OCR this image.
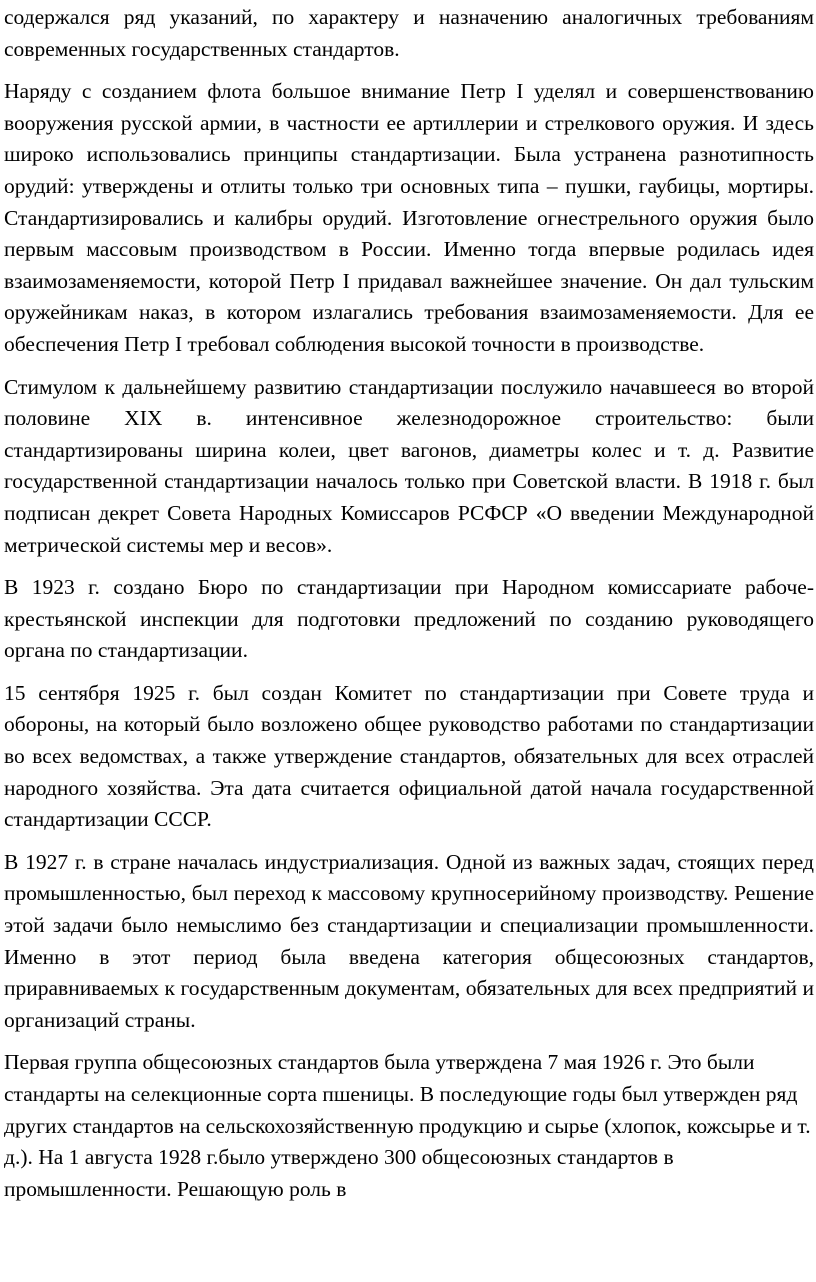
содержался ряд указаний, по характеру и назначению аналогичных требованиям современных государственных стандартов.

Наряду с созданием флота большое внимание Петр I уделял и совершенствованию вооружения русской армии, в частности ее артиллерии и стрелкового оружия. И здесь широко использовались принципы стандартизации. Была устранена разнотипность орудий: утверждены и отлиты только три основных типа – пушки, гаубицы, мортиры. Стандартизировались и калибры орудий. Изготовление огнестрельного оружия было первым массовым производством в России. Именно тогда впервые родилась идея взаимозаменяемости, которой Петр I придавал важнейшее значение. Он дал тульским оружейникам наказ, в котором излагались требования взаимозаменяемости. Для ее обеспечения Петр I требовал соблюдения высокой точности в производстве.

Стимулом к дальнейшему развитию стандартизации послужило начавшееся во второй половине XIX в. интенсивное железнодорожное строительство: были стандартизированы ширина колеи, цвет вагонов, диаметры колес и т. д. Развитие государственной стандартизации началось только при Советской власти. В 1918 г. был подписан декрет Совета Народных Комиссаров РСФСР «О введении Международной метрической системы мер и весов».

В 1923 г. создано Бюро по стандартизации при Народном комиссариате рабоче-крестьянской инспекции для подготовки предложений по созданию руководящего органа по стандартизации.

15 сентября 1925 г. был создан Комитет по стандартизации при Совете труда и обороны, на который было возложено общее руководство работами по стандартизации во всех ведомствах, а также утверждение стандартов, обязательных для всех отраслей народного хозяйства. Эта дата считается официальной датой начала государственной стандартизации СССР.

В 1927 г. в стране началась индустриализация. Одной из важных задач, стоящих перед промышленностью, был переход к массовому крупносерийному производству. Решение этой задачи было немыслимо без стандартизации и специализации промышленности. Именно в этот период была введена категория общесоюзных стандартов, приравниваемых к государственным документам, обязательных для всех предприятий и организаций страны.

Первая группа общесоюзных стандартов была утверждена 7 мая 1926 г. Это были стандарты на селекционные сорта пшеницы. В последующие годы был утвержден ряд других стандартов на сельскохозяйственную продукцию и сырье (хлопок, кожсырье и т. д.). На 1 августа 1928 г.было утверждено 300 общесоюзных стандартов в промышленности. Решающую роль в
